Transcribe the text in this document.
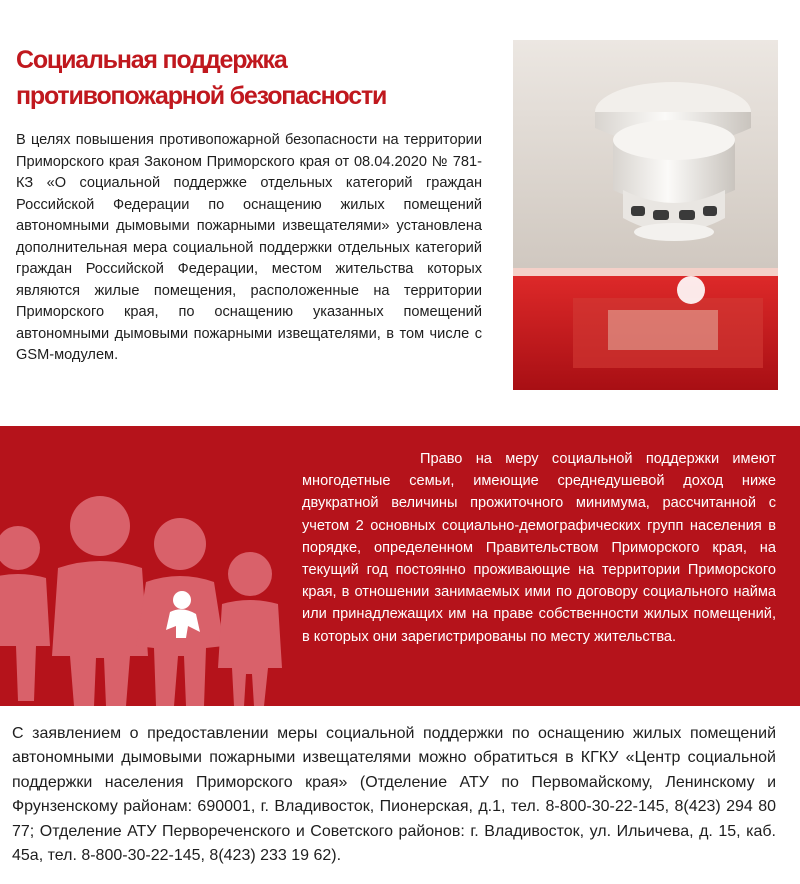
Социальная поддержка противопожарной безопасности
В целях повышения противопожарной безопасности на территории Приморского края Законом Приморского края от 08.04.2020 № 781-КЗ «О социальной поддержке отдельных категорий граждан Российской Федерации по оснащению жилых помещений автономными дымовыми пожарными извещателями» установлена дополнительная мера социальной поддержки отдельных категорий граждан Российской Федерации, местом жительства которых являются жилые помещения, расположенные на территории Приморского края, по оснащению указанных помещений автономными дымовыми пожарными извещателями, в том числе с GSM-модулем.
Право на меру социальной поддержки имеют многодетные семьи, имеющие среднедушевой доход ниже двукратной величины прожиточного минимума, рассчитанной с учетом 2 основных социально-демографических групп населения в порядке, определенном Правительством Приморского края, на текущий год постоянно проживающие на территории Приморского края, в отношении занимаемых ими по договору социального найма или принадлежащих им на праве собственности жилых помещений, в которых они зарегистрированы по месту жительства.
С заявлением о предоставлении меры социальной поддержки по оснащению жилых помещений автономными дымовыми пожарными извещателями можно обратиться в КГКУ «Центр социальной поддержки населения Приморского края» (Отделение АТУ по Первомайскому, Ленинскому и Фрунзенскому районам: 690001, г. Владивосток, Пионерская, д.1, тел. 8-800-30-22-145, 8(423) 294 80 77; Отделение АТУ Первореченского и Советского районов: г. Владивосток, ул. Ильичева, д. 15, каб. 45а, тел. 8-800-30-22-145, 8(423) 233 19 62).
